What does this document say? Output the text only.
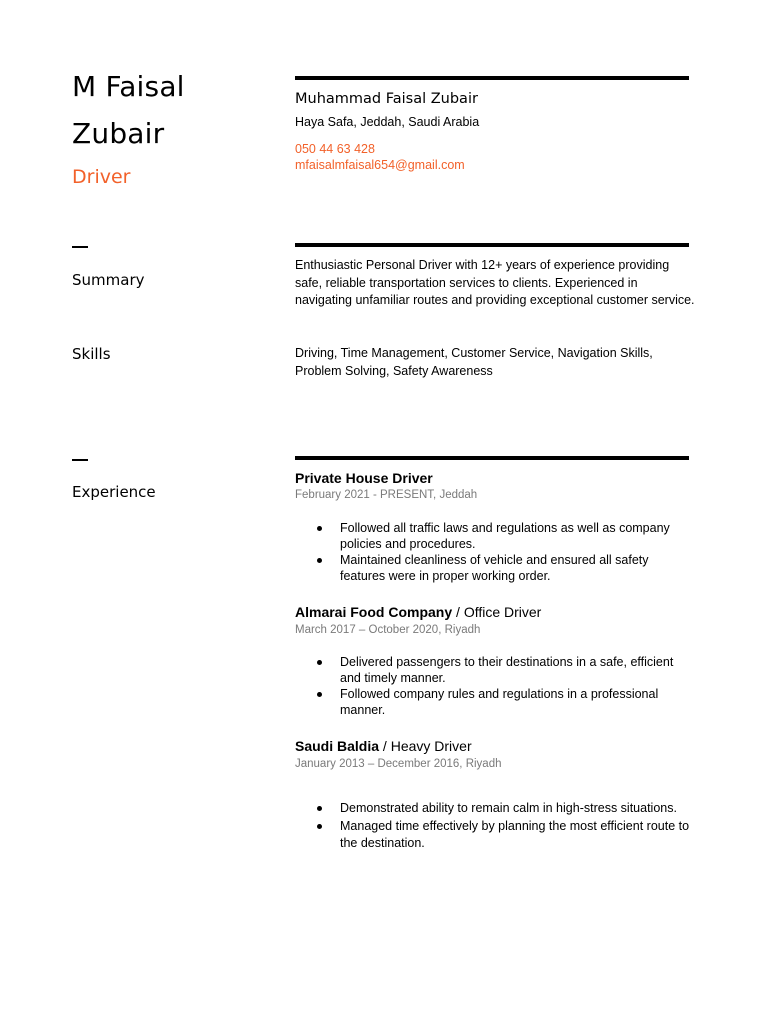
M Faisal
Zubair
Driver
Muhammad Faisal Zubair
Haya Safa, Jeddah, Saudi Arabia
050 44 63 428
mfaisalmfaisal654@gmail.com
Summary
Enthusiastic Personal Driver with 12+ years of experience providing safe, reliable transportation services to clients. Experienced in navigating unfamiliar routes and providing exceptional customer service.
Skills	Driving, Time Management, Customer Service, Navigation Skills, Problem Solving, Safety Awareness
Experience
Private House Driver
February 2021 - PRESENT, Jeddah
Followed all traffic laws and regulations as well as company policies and procedures.
Maintained cleanliness of vehicle and ensured all safety features were in proper working order.
Almarai Food Company / Office Driver
March 2017 – October 2020, Riyadh
Delivered passengers to their destinations in a safe, efficient and timely manner.
Followed company rules and regulations in a professional manner.
Saudi Baldia / Heavy Driver
January 2013 – December 2016, Riyadh
Demonstrated ability to remain calm in high-stress situations.
Managed time effectively by planning the most efficient route to the destination.
